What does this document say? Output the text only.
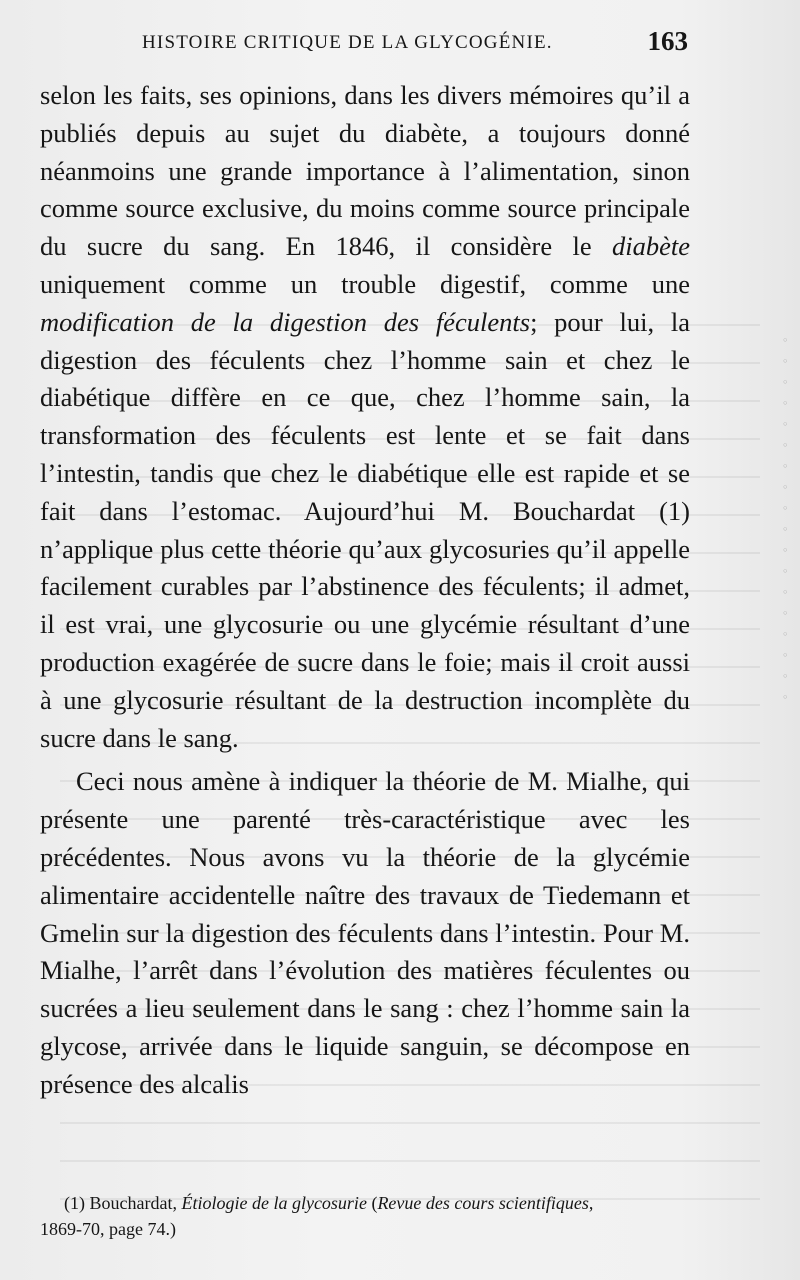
HISTOIRE CRITIQUE DE LA GLYCOGÉNIE.	163

selon les faits, ses opinions, dans les divers mémoires qu’il a publiés depuis au sujet du diabète, a toujours donné néanmoins une grande importance à l’alimentation, sinon comme source exclusive, du moins comme source principale du sucre du sang. En 1846, il considère le diabète uniquement comme un trouble digestif, comme une modification de la digestion des féculents; pour lui, la digestion des féculents chez l’homme sain et chez le diabétique diffère en ce que, chez l’homme sain, la transformation des féculents est lente et se fait dans l’intestin, tandis que chez le diabétique elle est rapide et se fait dans l’estomac. Aujourd’hui M. Bouchardat (1) n’applique plus cette théorie qu’aux glycosuries qu’il appelle facilement curables par l’abstinence des féculents; il admet, il est vrai, une glycosurie ou une glycémie résultant d’une production exagérée de sucre dans le foie; mais il croit aussi à une glycosurie résultant de la destruction incomplète du sucre dans le sang.

Ceci nous amène à indiquer la théorie de M. Mialhe, qui présente une parenté très-caractéristique avec les précédentes. Nous avons vu la théorie de la glycémie alimentaire accidentelle naître des travaux de Tiedemann et Gmelin sur la digestion des féculents dans l’intestin. Pour M. Mialhe, l’arrêt dans l’évolution des matières féculentes ou sucrées a lieu seulement dans le sang : chez l’homme sain la glycose, arrivée dans le liquide sanguin, se décompose en présence des alcalis

(1) Bouchardat, Étiologie de la glycosurie (Revue des cours scientifiques,
1869-70, page 74.)
◦
◦
◦
◦
◦
◦
◦
◦
◦
◦
◦
◦
◦
◦
◦
◦
◦
◦
